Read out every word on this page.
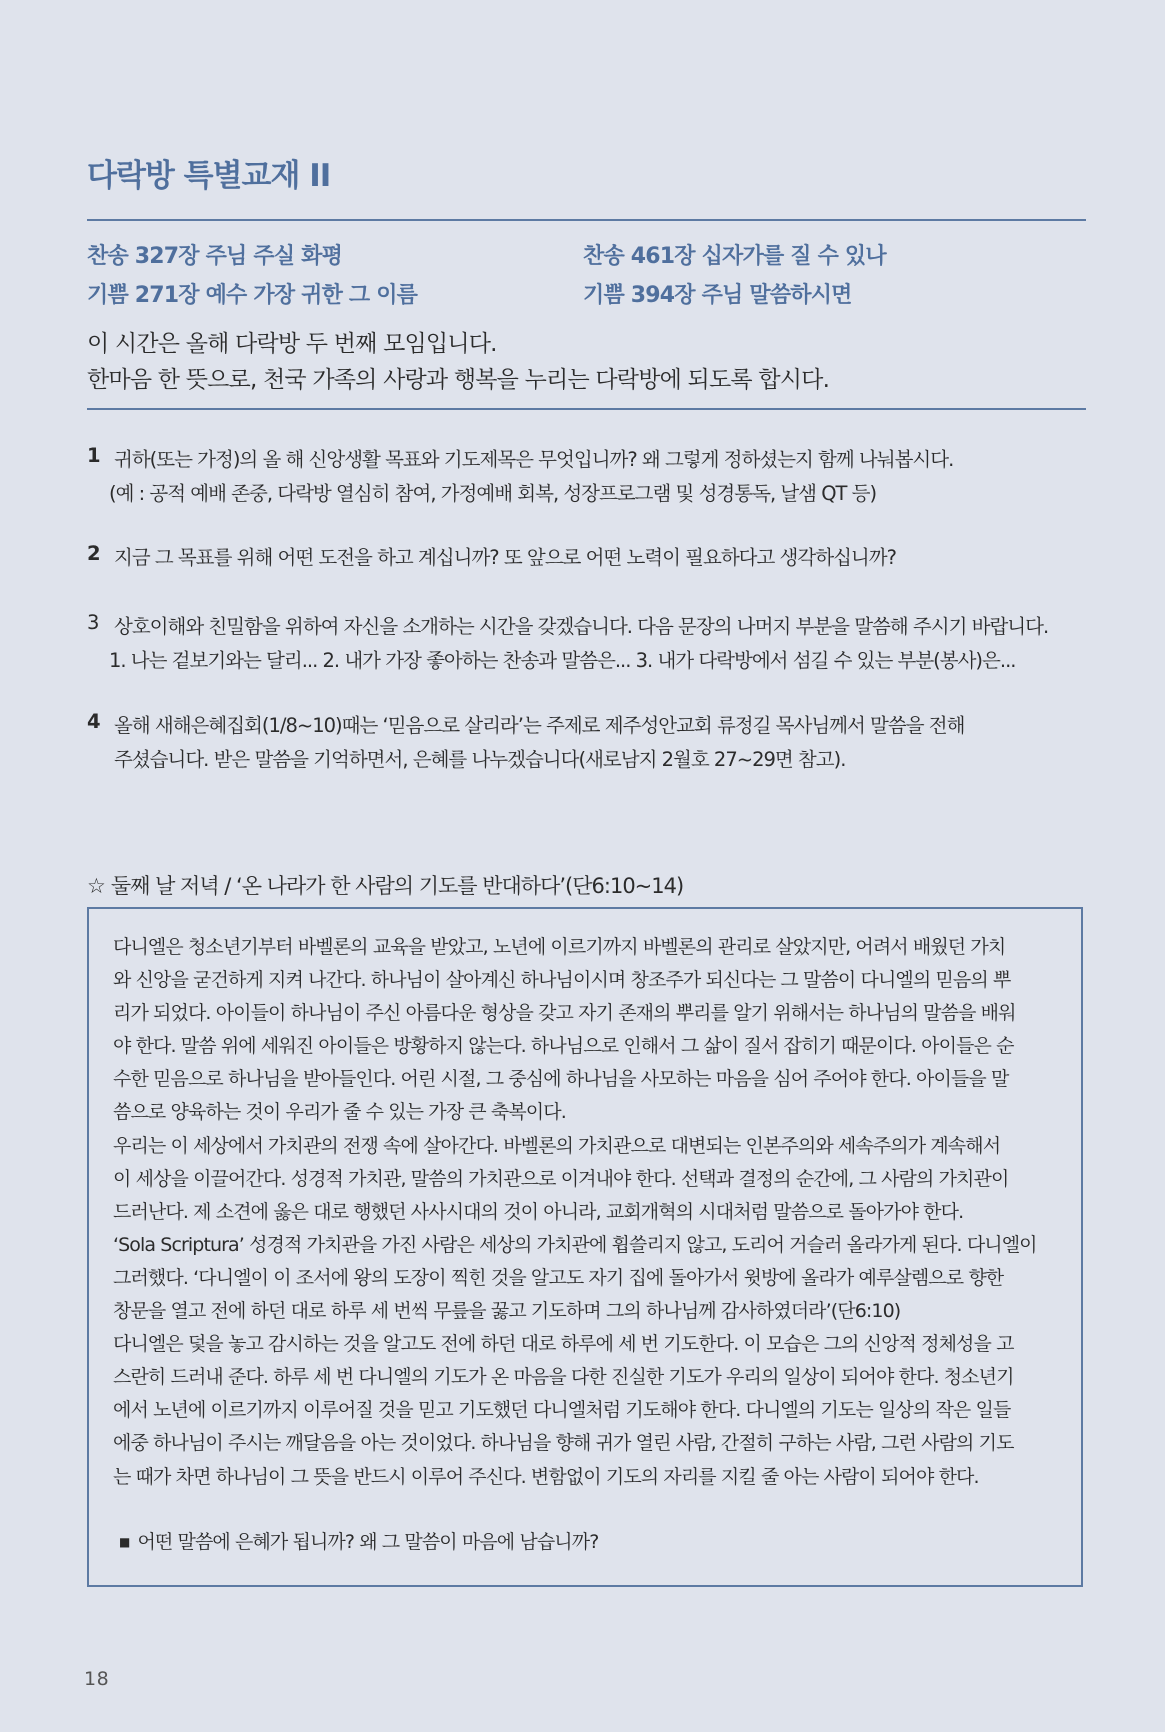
다락방 특별교재 II
찬송 327장 주님 주실 화평	찬송 461장 십자가를 질 수 있나
기쁨 271장 예수 가장 귀한 그 이름	기쁨 394장 주님 말씀하시면
이 시간은 올해 다락방 두 번째 모임입니다.
한마음 한 뜻으로, 천국 가족의 사랑과 행복을 누리는 다락방에 되도록 합시다.
1 귀하(또는 가정)의 올 해 신앙생활 목표와 기도제목은 무엇입니까? 왜 그렇게 정하셨는지 함께 나눠봅시다.
(예 : 공적 예배 존중, 다락방 열심히 참여, 가정예배 회복, 성장프로그램 및 성경통독, 날샘 QT 등)
2 지금 그 목표를 위해 어떤 도전을 하고 계십니까? 또 앞으로 어떤 노력이 필요하다고 생각하십니까?
3 상호이해와 친밀함을 위하여 자신을 소개하는 시간을 갖겠습니다. 다음 문장의 나머지 부분을 말씀해 주시기 바랍니다.
1. 나는 겉보기와는 달리... 2. 내가 가장 좋아하는 찬송과 말씀은... 3. 내가 다락방에서 섬길 수 있는 부분(봉사)은...
4 올해 새해은혜집회(1/8~10)때는 ‘믿음으로 살리라’는 주제로 제주성안교회 류정길 목사님께서 말씀을 전해
주셨습니다. 받은 말씀을 기억하면서, 은혜를 나누겠습니다(새로남지 2월호 27~29면 참고).
☆ 둘째 날 저녁 / ‘온 나라가 한 사람의 기도를 반대하다’(단6:10~14)
다니엘은 청소년기부터 바벨론의 교육을 받았고, 노년에 이르기까지 바벨론의 관리로 살았지만, 어려서 배웠던 가치
와 신앙을 굳건하게 지켜 나간다. 하나님이 살아계신 하나님이시며 창조주가 되신다는 그 말씀이 다니엘의 믿음의 뿌
리가 되었다. 아이들이 하나님이 주신 아름다운 형상을 갖고 자기 존재의 뿌리를 알기 위해서는 하나님의 말씀을 배워
야 한다. 말씀 위에 세워진 아이들은 방황하지 않는다. 하나님으로 인해서 그 삶이 질서 잡히기 때문이다. 아이들은 순
수한 믿음으로 하나님을 받아들인다. 어린 시절, 그 중심에 하나님을 사모하는 마음을 심어 주어야 한다. 아이들을 말
씀으로 양육하는 것이 우리가 줄 수 있는 가장 큰 축복이다.
우리는 이 세상에서 가치관의 전쟁 속에 살아간다. 바벨론의 가치관으로 대변되는 인본주의와 세속주의가 계속해서
이 세상을 이끌어간다. 성경적 가치관, 말씀의 가치관으로 이겨내야 한다. 선택과 결정의 순간에, 그 사람의 가치관이
드러난다. 제 소견에 옳은 대로 행했던 사사시대의 것이 아니라, 교회개혁의 시대처럼 말씀으로 돌아가야 한다.
‘Sola Scriptura’ 성경적 가치관을 가진 사람은 세상의 가치관에 휩쓸리지 않고, 도리어 거슬러 올라가게 된다. 다니엘이
그러했다. ‘다니엘이 이 조서에 왕의 도장이 찍힌 것을 알고도 자기 집에 돌아가서 윗방에 올라가 예루살렘으로 향한
창문을 열고 전에 하던 대로 하루 세 번씩 무릎을 꿇고 기도하며 그의 하나님께 감사하였더라’(단6:10)
다니엘은 덫을 놓고 감시하는 것을 알고도 전에 하던 대로 하루에 세 번 기도한다. 이 모습은 그의 신앙적 정체성을 고
스란히 드러내 준다. 하루 세 번 다니엘의 기도가 온 마음을 다한 진실한 기도가 우리의 일상이 되어야 한다. 청소년기
에서 노년에 이르기까지 이루어질 것을 믿고 기도했던 다니엘처럼 기도해야 한다. 다니엘의 기도는 일상의 작은 일들
에중 하나님이 주시는 깨달음을 아는 것이었다. 하나님을 향해 귀가 열린 사람, 간절히 구하는 사람, 그런 사람의 기도
는 때가 차면 하나님이 그 뜻을 반드시 이루어 주신다. 변함없이 기도의 자리를 지킬 줄 아는 사람이 되어야 한다.
■ 어떤 말씀에 은혜가 됩니까? 왜 그 말씀이 마음에 남습니까?
18
